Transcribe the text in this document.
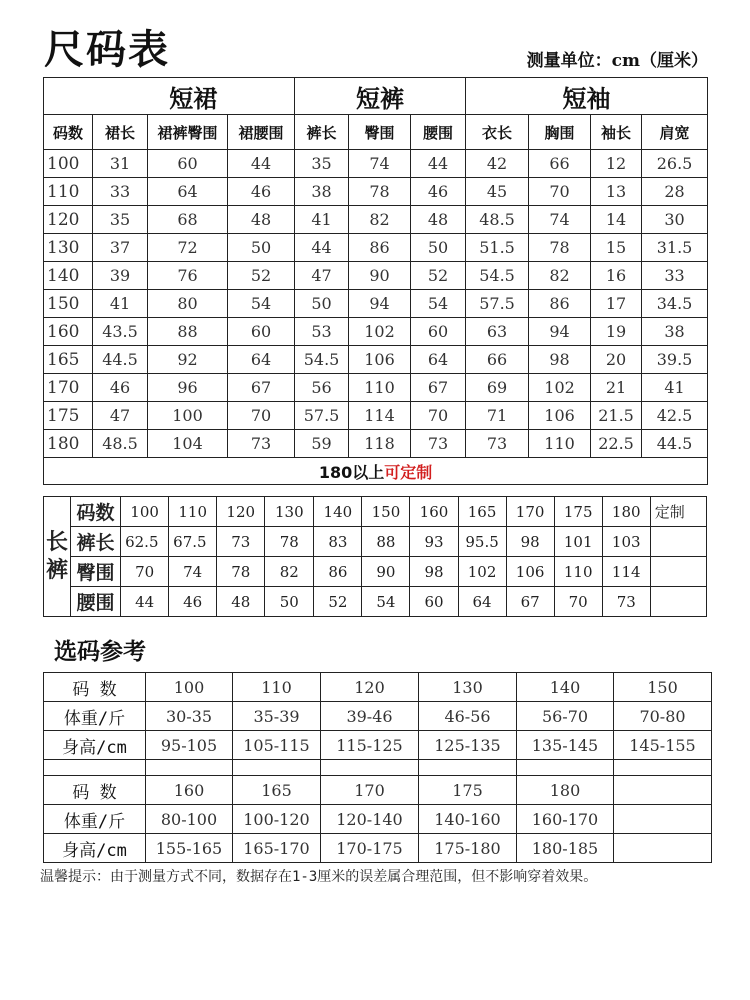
尺码表	测量单位：cm（厘米）
	短裙			短裤			短袖			
码数	裙长	裙裤臀围	裙腰围	裤长	臀围	腰围	衣长	胸围	袖长	肩宽
100	31	60	44	35	74	44	42	66	12	26.5
110	33	64	46	38	78	46	45	70	13	28
120	35	68	48	41	82	48	48.5	74	14	30
130	37	72	50	44	86	50	51.5	78	15	31.5
140	39	76	52	47	90	52	54.5	82	16	33
150	41	80	54	50	94	54	57.5	86	17	34.5
160	43.5	88	60	53	102	60	63	94	19	38
165	44.5	92	64	54.5	106	64	66	98	20	39.5
170	46	96	67	56	110	67	69	102	21	41
175	47	100	70	57.5	114	70	71	106	21.5	42.5
180	48.5	104	73	59	118	73	73	110	22.5	44.5
180以上可定制										
长
裤	码数	100	110	120	130	140	150	160	165	170	175	180	定制
	裤长	62.5	67.5	73	78	83	88	93	95.5	98	101	103	
	臀围	70	74	78	82	86	90	98	102	106	110	114	
	腰围	44	46	48	50	52	54	60	64	67	70	73	
选码参考
码 数	100	110	120	130	140	150
体重/斤	30-35	35-39	39-46	46-56	56-70	70-80
身高/cm	95-105	105-115	115-125	125-135	135-145	145-155

码 数	160	165	170	175	180	
体重/斤	80-100	100-120	120-140	140-160	160-170	
身高/cm	155-165	165-170	170-175	175-180	180-185	

温馨提示：由于测量方式不同，数据存在1-3厘米的误差属合理范围，但不影响穿着效果。
